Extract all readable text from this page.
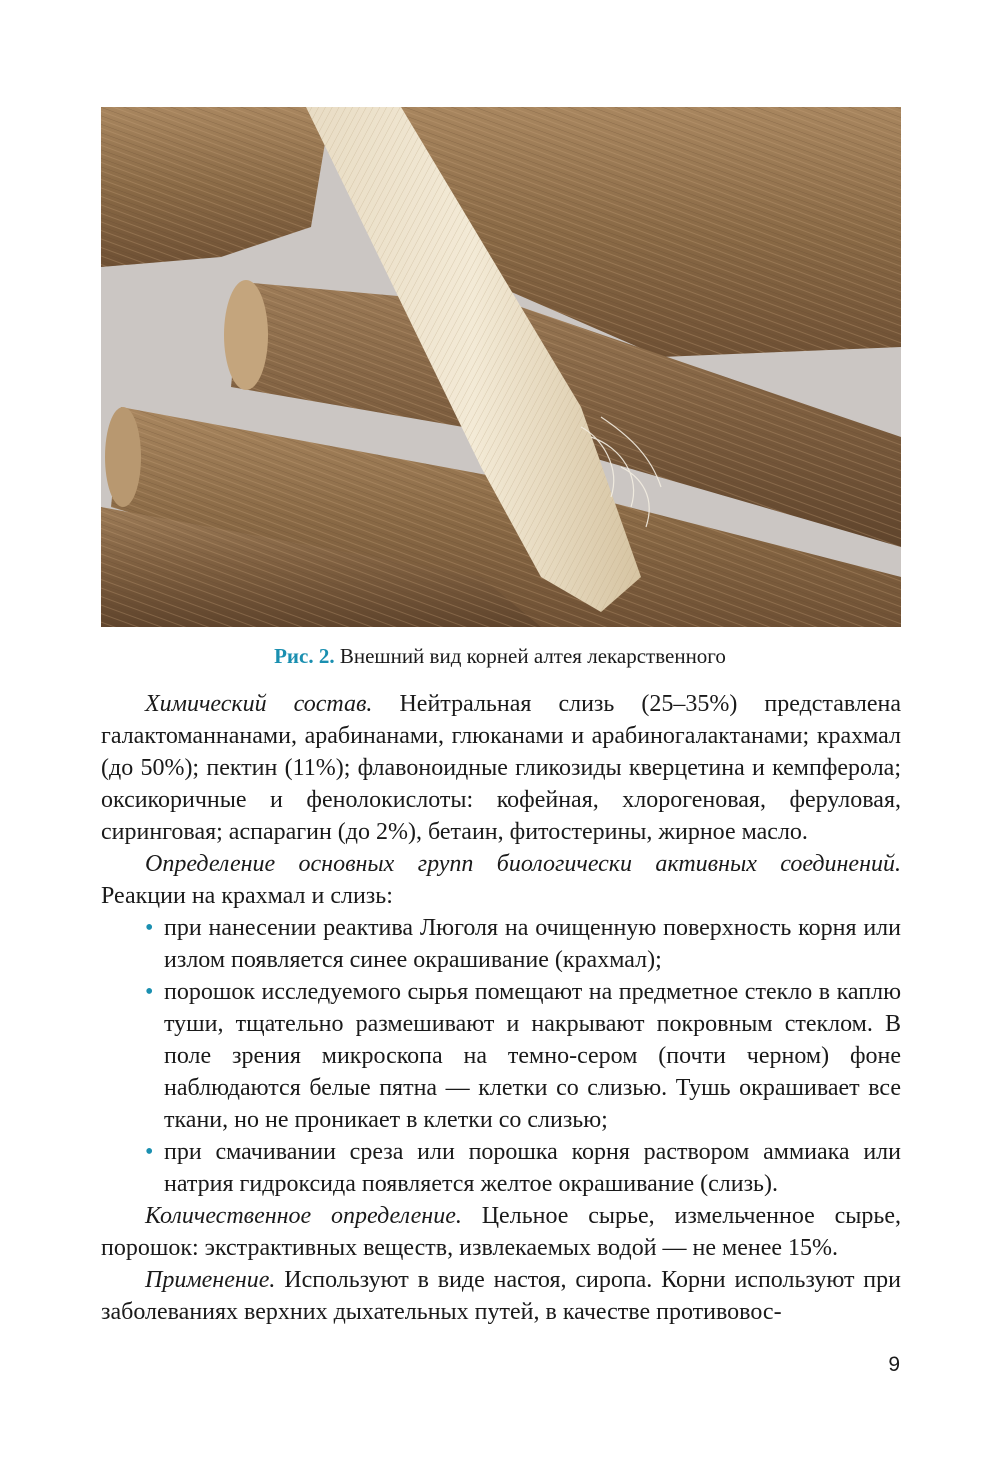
Рис. 2. Внешний вид корней алтея лекарственного

Химический состав. Нейтральная слизь (25–35%) представлена галактоманнанами, арабинанами, глюканами и арабиногалактанами; крахмал (до 50%); пектин (11%); флавоноидные гликозиды кверцетина и кемпферола; оксикоричные и фенолокислоты: кофейная, хлорогеновая, феруловая, сиринговая; аспарагин (до 2%), бетаин, фитостерины, жирное масло.

Определение основных групп биологически активных соединений. Реакции на крахмал и слизь:

• при нанесении реактива Люголя на очищенную поверхность корня или излом появляется синее окрашивание (крахмал);
• порошок исследуемого сырья помещают на предметное стекло в каплю туши, тщательно размешивают и накрывают покровным стеклом. В поле зрения микроскопа на темно-сером (почти черном) фоне наблюдаются белые пятна — клетки со слизью. Тушь окрашивает все ткани, но не проникает в клетки со слизью;
• при смачивании среза или порошка корня раствором аммиака или натрия гидроксида появляется желтое окрашивание (слизь).

Количественное определение. Цельное сырье, измельченное сырье, порошок: экстрактивных веществ, извлекаемых водой — не менее 15%.

Применение. Используют в виде настоя, сиропа. Корни используют при заболеваниях верхних дыхательных путей, в качестве противовос-

9
